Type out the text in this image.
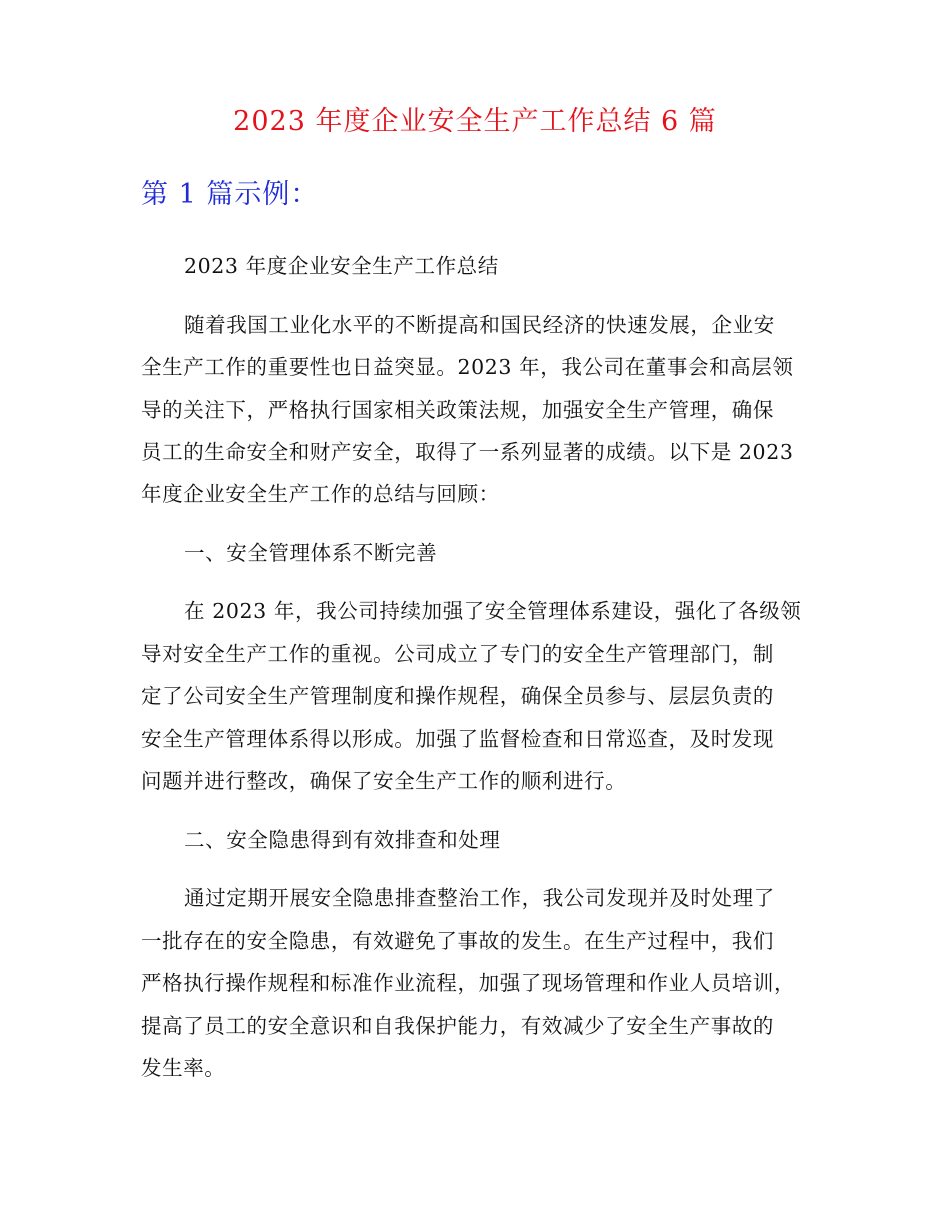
2023 年度企业安全生产工作总结 6 篇
第 1 篇示例：
2023 年度企业安全生产工作总结
随着我国工业化水平的不断提高和国民经济的快速发展，企业安
全生产工作的重要性也日益突显。2023 年，我公司在董事会和高层领
导的关注下，严格执行国家相关政策法规，加强安全生产管理，确保
员工的生命安全和财产安全，取得了一系列显著的成绩。以下是 2023
年度企业安全生产工作的总结与回顾：
一、安全管理体系不断完善
在 2023 年，我公司持续加强了安全管理体系建设，强化了各级领
导对安全生产工作的重视。公司成立了专门的安全生产管理部门，制
定了公司安全生产管理制度和操作规程，确保全员参与、层层负责的
安全生产管理体系得以形成。加强了监督检查和日常巡查，及时发现
问题并进行整改，确保了安全生产工作的顺利进行。
二、安全隐患得到有效排查和处理
通过定期开展安全隐患排查整治工作，我公司发现并及时处理了
一批存在的安全隐患，有效避免了事故的发生。在生产过程中，我们
严格执行操作规程和标准作业流程，加强了现场管理和作业人员培训，
提高了员工的安全意识和自我保护能力，有效减少了安全生产事故的
发生率。
